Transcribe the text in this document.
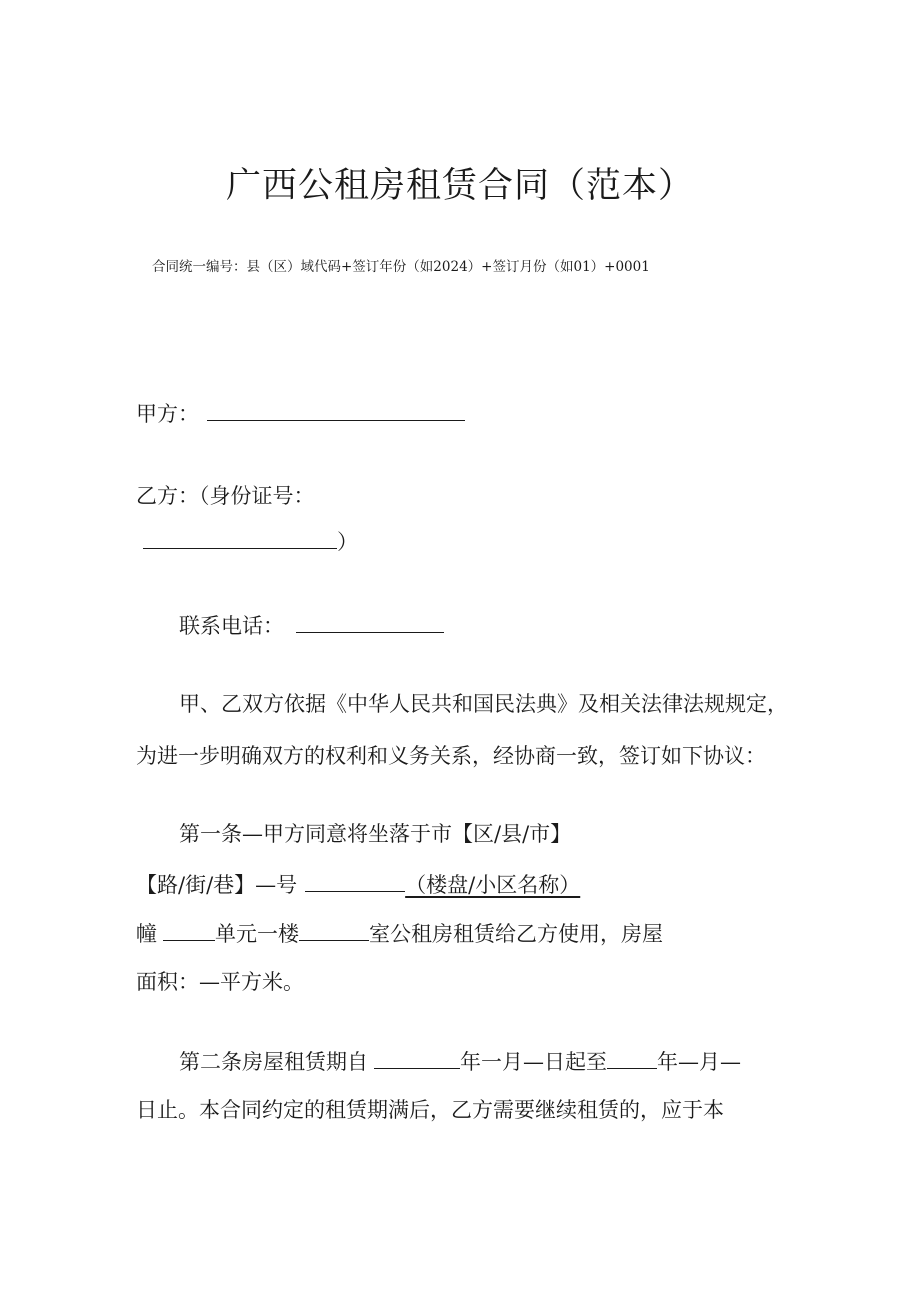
广西公租房租赁合同（范本）
合同统一编号：县（区）域代码+签订年份（如2024）+签订月份（如01）+0001
甲方：
乙方：（身份证号：
）
联系电话：
甲、乙双方依据《中华人民共和国民法典》及相关法律法规规定，
为进一步明确双方的权利和义务关系，经协商一致，签订如下协议：
第一条—甲方同意将坐落于市【区/县/市】
【路/街/巷】—号	（楼盘/小区名称）
幢	单元一楼	室公租房租赁给乙方使用，房屋
面积：—平方米。
第二条房屋租赁期自	年一月—日起至 年—月—
日止。本合同约定的租赁期满后，乙方需要继续租赁的，应于本
